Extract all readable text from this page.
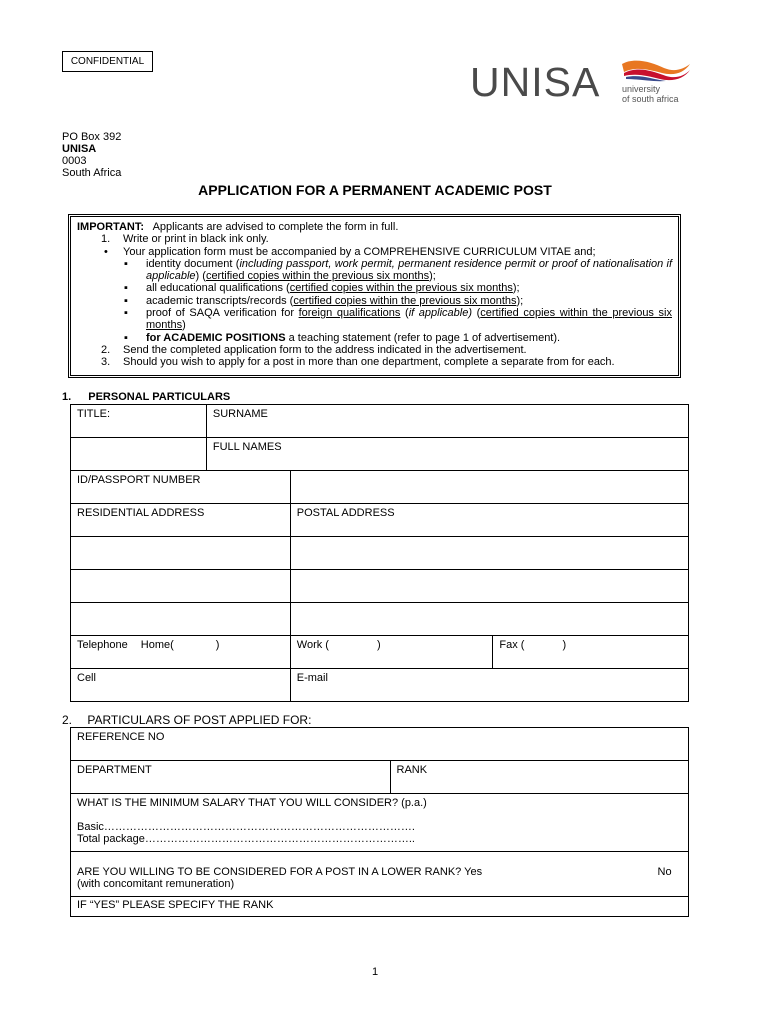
CONFIDENTIAL	UNISA university
of south africa
PO Box 392
UNISA
0003
South Africa
APPLICATION FOR A PERMANENT ACADEMIC POST
IMPORTANT: Applicants are advised to complete the form in full.
1. Write or print in black ink only.
• Your application form must be accompanied by a COMPREHENSIVE CURRICULUM VITAE and;
▪ identity document (including passport, work permit, permanent residence permit or proof of nationalisation if applicable) (certified copies within the previous six months);
▪ all educational qualifications (certified copies within the previous six months);
▪ academic transcripts/records (certified copies within the previous six months);
▪ proof of SAQA verification for foreign qualifications (if applicable) (certified copies within the previous six months)
▪ for ACADEMIC POSITIONS a teaching statement (refer to page 1 of advertisement).
2. Send the completed application form to the address indicated in the advertisement.
3. Should you wish to apply for a post in more than one department, complete a separate from for each.
1. PERSONAL PARTICULARS
TITLE:	SURNAME		
	FULL NAMES		
ID/PASSPORT NUMBER			
RESIDENTIAL ADDRESS		POSTAL ADDRESS	

Telephone Home( )		Work ( )	Fax ( )
Cell		E-mail	
2. PARTICULARS OF POST APPLIED FOR:
REFERENCE NO
DEPARTMENT	RANK

WHAT IS THE MINIMUM SALARY THAT YOU WILL CONSIDER? (p.a.)
Basic………………………………………………………………………….
Total package………………………………………………………………..

ARE YOU WILLING TO BE CONSIDERED FOR A POST IN A LOWER RANK? Yes	No
(with concomitant remuneration)

IF “YES” PLEASE SPECIFY THE RANK
1
